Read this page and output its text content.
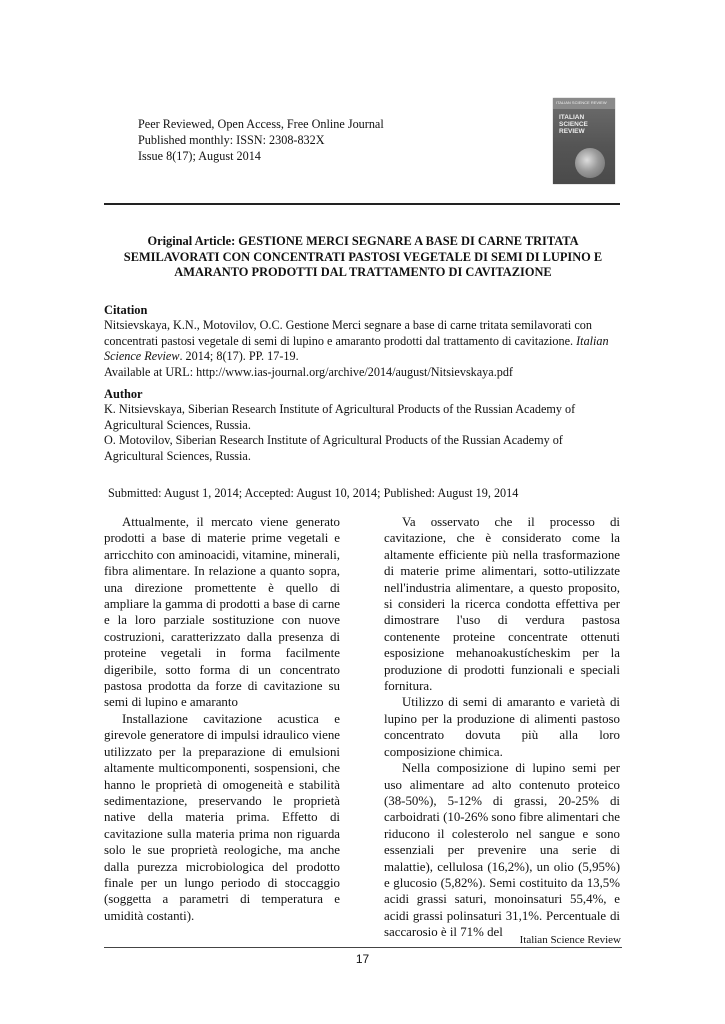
Peer Reviewed, Open Access, Free Online Journal
Published monthly: ISSN: 2308-832X
Issue 8(17); August 2014
ITALIAN SCIENCE REVIEW
ITALIAN SCIENCE REVIEW
Original Article: GESTIONE MERCI SEGNARE A BASE DI CARNE TRITATA
SEMILAVORATI CON CONCENTRATI PASTOSI VEGETALE DI SEMI DI LUPINO E
AMARANTO PRODOTTI DAL TRATTAMENTO DI CAVITAZIONE
Citation
Nitsievskaya, K.N., Motovilov, O.C. Gestione Merci segnare a base di carne tritata semilavorati con
concentrati pastosi vegetale di semi di lupino e amaranto prodotti dal trattamento di cavitazione. Italian
Science Review. 2014; 8(17). PP. 17-19.
Available at URL: http://www.ias-journal.org/archive/2014/august/Nitsievskaya.pdf
Author
K. Nitsievskaya, Siberian Research Institute of Agricultural Products of the Russian Academy of
Agricultural Sciences, Russia.
O. Motovilov, Siberian Research Institute of Agricultural Products of the Russian Academy of
Agricultural Sciences, Russia.
Submitted: August 1, 2014; Accepted: August 10, 2014; Published: August 19, 2014

Attualmente, il mercato viene generato prodotti a base di materie prime vegetali e arricchito con aminoacidi, vitamine, minerali, fibra alimentare. In relazione a quanto sopra, una direzione promettente è quello di ampliare la gamma di prodotti a base di carne e la loro parziale sostituzione con nuove costruzioni, caratterizzato dalla presenza di proteine vegetali in forma facilmente digeribile, sotto forma di un concentrato pastosa prodotta da forze di cavitazione su semi di lupino e amaranto

Installazione cavitazione acustica e girevole generatore di impulsi idraulico viene utilizzato per la preparazione di emulsioni altamente multicomponenti, sospensioni, che hanno le proprietà di omogeneità e stabilità sedimentazione, preservando le proprietà native della materia prima. Effetto di cavitazione sulla materia prima non riguarda solo le sue proprietà reologiche, ma anche dalla purezza microbiologica del prodotto finale per un lungo periodo di stoccaggio (soggetta a parametri di temperatura e umidità costanti).

Va osservato che il processo di cavitazione, che è considerato come la altamente efficiente più nella trasformazione di materie prime alimentari, sotto-utilizzate nell'industria alimentare, a questo proposito, si consideri la ricerca condotta effettiva per dimostrare l'uso di verdura pastosa contenente proteine concentrate ottenuti esposizione mehanoakustícheskim per la produzione di prodotti funzionali e speciali fornitura.

Utilizzo di semi di amaranto e varietà di lupino per la produzione di alimenti pastoso concentrato dovuta più alla loro composizione chimica.

Nella composizione di lupino semi per uso alimentare ad alto contenuto proteico (38-50%), 5-12% di grassi, 20-25% di carboidrati (10-26% sono fibre alimentari che riducono il colesterolo nel sangue e sono essenziali per prevenire una serie di malattie), cellulosa (16,2%), un olio (5,95%) e glucosio (5,82%). Semi costituito da 13,5% acidi grassi saturi, monoinsaturi 55,4%, e acidi grassi polinsaturi 31,1%. Percentuale di saccarosio è il 71% del

Italian Science Review
17
